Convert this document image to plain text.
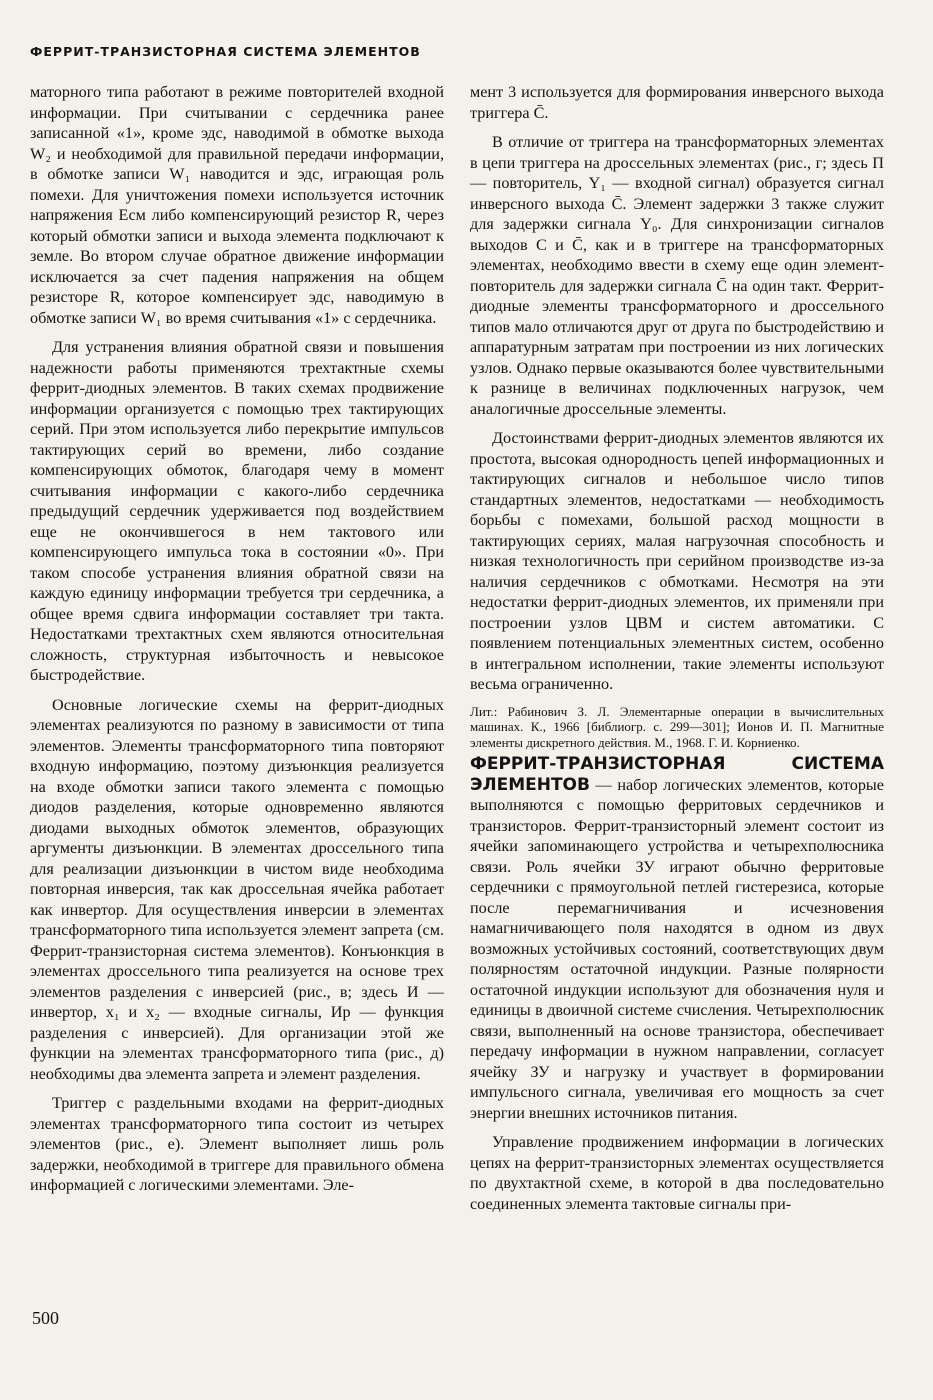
ФЕРРИТ-ТРАНЗИСТОРНАЯ СИСТЕМА ЭЛЕМЕНТОВ

маторного типа работают в режиме повторителей входной информации. При считывании с сердечника ранее записанной «1», кроме эдс, наводимой в обмотке выхода W₂ и необходимой для правильной передачи информации, в обмотке записи W₁ наводится и эдс, играющая роль помехи. Для уничтожения помехи используется источник напряжения Eсм либо компенсирующий резистор R, через который обмотки записи и выхода элемента подключают к земле. Во втором случае обратное движение информации исключается за счет падения напряжения на общем резисторе R, которое компенсирует эдс, наводимую в обмотке записи W₁ во время считывания «1» с сердечника.

Для устранения влияния обратной связи и повышения надежности работы применяются трехтактные схемы феррит-диодных элементов. В таких схемах продвижение информации организуется с помощью трех тактирующих серий. При этом используется либо перекрытие импульсов тактирующих серий во времени, либо создание компенсирующих обмоток, благодаря чему в момент считывания информации с какого-либо сердечника предыдущий сердечник удерживается под воздействием еще не окончившегося в нем тактового или компенсирующего импульса тока в состоянии «0». При таком способе устранения влияния обратной связи на каждую единицу информации требуется три сердечника, а общее время сдвига информации составляет три такта. Недостатками трехтактных схем являются относительная сложность, структурная избыточность и невысокое быстродействие.

Основные логические схемы на феррит-диодных элементах реализуются по разному в зависимости от типа элементов. Элементы трансформаторного типа повторяют входную информацию, поэтому дизъюнкция реализуется на входе обмотки записи такого элемента с помощью диодов разделения, которые одновременно являются диодами выходных обмоток элементов, образующих аргументы дизъюнкции. В элементах дроссельного типа для реализации дизъюнкции в чистом виде необходима повторная инверсия, так как дроссельная ячейка работает как инвертор. Для осуществления инверсии в элементах трансформаторного типа используется элемент запрета (см. Феррит-транзисторная система элементов). Конъюнкция в элементах дроссельного типа реализуется на основе трех элементов разделения с инверсией (рис., в; здесь И — инвертор, x₁ и x₂ — входные сигналы, Ир — функция разделения с инверсией). Для организации этой же функции на элементах трансформаторного типа (рис., д) необходимы два элемента запрета и элемент разделения.

Триггер с раздельными входами на феррит-диодных элементах трансформаторного типа состоит из четырех элементов (рис., е). Элемент выполняет лишь роль задержки, необходимой в триггере для правильного обмена информацией с логическими элементами. Эле-

мент 3 используется для формирования инверсного выхода триггера C̄.

В отличие от триггера на трансформаторных элементах в цепи триггера на дроссельных элементах (рис., г; здесь П — повторитель, Y₁ — входной сигнал) образуется сигнал инверсного выхода C̄. Элемент задержки 3 также служит для задержки сигнала Y₀. Для синхронизации сигналов выходов C и C̄, как и в триггере на трансформаторных элементах, необходимо ввести в схему еще один элемент-повторитель для задержки сигнала C̄ на один такт. Феррит-диодные элементы трансформаторного и дроссельного типов мало отличаются друг от друга по быстродействию и аппаратурным затратам при построении из них логических узлов. Однако первые оказываются более чувствительными к разнице в величинах подключенных нагрузок, чем аналогичные дроссельные элементы.

Достоинствами феррит-диодных элементов являются их простота, высокая однородность цепей информационных и тактирующих сигналов и небольшое число типов стандартных элементов, недостатками — необходимость борьбы с помехами, большой расход мощности в тактирующих сериях, малая нагрузочная способность и низкая технологичность при серийном производстве из-за наличия сердечников с обмотками. Несмотря на эти недостатки феррит-диодных элементов, их применяли при построении узлов ЦВМ и систем автоматики. С появлением потенциальных элементных систем, особенно в интегральном исполнении, такие элементы используют весьма ограниченно.

Лит.: Рабинович З. Л. Элементарные операции в вычислительных машинах. К., 1966 [библиогр. с. 299—301]; Ионов И. П. Магнитные элементы дискретного действия. М., 1968. Г. И. Корниенко.

ФЕРРИТ-ТРАНЗИСТОРНАЯ СИСТЕМА ЭЛЕМЕНТОВ — набор логических элементов, которые выполняются с помощью ферритовых сердечников и транзисторов. Феррит-транзисторный элемент состоит из ячейки запоминающего устройства и четырехполюсника связи. Роль ячейки ЗУ играют обычно ферритовые сердечники с прямоугольной петлей гистерезиса, которые после перемагничивания и исчезновения намагничивающего поля находятся в одном из двух возможных устойчивых состояний, соответствующих двум полярностям остаточной индукции. Разные полярности остаточной индукции используют для обозначения нуля и единицы в двоичной системе счисления. Четырехполюсник связи, выполненный на основе транзистора, обеспечивает передачу информации в нужном направлении, согласует ячейку ЗУ и нагрузку и участвует в формировании импульсного сигнала, увеличивая его мощность за счет энергии внешних источников питания.

Управление продвижением информации в логических цепях на феррит-транзисторных элементах осуществляется по двухтактной схеме, в которой в два последовательно соединенных элемента тактовые сигналы при-

500
